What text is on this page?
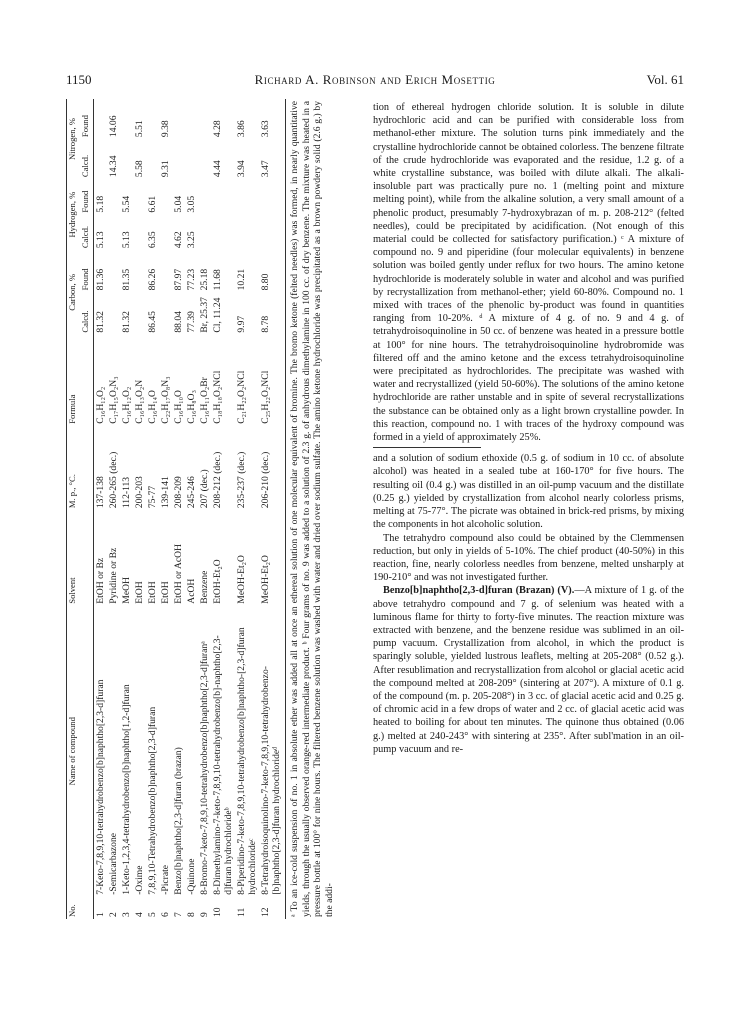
1150	Richard A. Robinson and Erich Mosettig	Vol. 61
No.	Name of compound	Solvent	M. p., °C.	Formula	Carbon, %		Hydrogen, %		Nitrogen, %	
					Calcd.	Found	Calcd.	Found	Calcd.	Found
1	7-Keto-7,8,9,10-tetrahydrobenzo[b]naphtho[2,3-d]furan	EtOH or Bz	137-138	C₁₆H₁₂O₂	81.32	81.36	5.13	5.18		
2	-Semicarbazone	Pyridine or Bz	260-265 (dec.)	C₁₇H₁₅O₂N₃					14.34	14.06
3	1-Keto-1,2,3,4-tetrahydrobenzo[b]naphtho[1,2-d]furan	MeOH	112-113	C₁₆H₁₂O₂	81.32	81.35	5.13	5.54		
4	-Oxime	EtOH	200-203	C₁₆H₁₃O₂N					5.58	5.51
5	7,8,9,10-Tetrahydrobenzo[b]naphtho[2,3-d]furan	EtOH	75-77	C₁₆H₁₄O	86.45	86.26	6.35	6.61		
6	-Picrate	EtOH	139-141	C₂₂H₁₇O₈N₃					9.31	9.38
7	Benzo[b]naphtho[2,3-d]furan (brazan)	EtOH or AcOH	208-209	C₁₆H₁₀O	88.04	87.97	4.62	5.04		
8	-Quinone	AcOH	245-246	C₁₆H₈O₃	77.39	77.23	3.25	3.05		
9	8-Bromo-7-keto-7,8,9,10-tetrahydrobenzo[b]naphtho[2,3-d]furanᵃ	Benzene	207 (dec.)	C₁₆H₁₁O₂Br	Br, 25.37	25.18				
10	8-Dimethylamino-7-keto-7,8,9,10-tetrahydrobenzo[b]-naphtho[2,3-d]furan hydrochlorideᵇ	EtOH-Et₂O	208-212 (dec.)	C₁₈H₁₈O₂NCl	Cl, 11.24	11.68			4.44	4.28
11	8-Piperidino-7-keto-7,8,9,10-tetrahydrobenzo[b]naphtho-[2,3-d]furan hydrochlorideᶜ	MeOH-Et₂O	235-237 (dec.)	C₂₁H₂₂O₂NCl	9.97	10.21			3.94	3.86
12	8-Tetrahydroisoquinolino-7-keto-7,8,9,10-tetrahydrobenzo-[b]naphtho[2,3-d]furan hydrochlorideᵈ	MeOH-Et₂O	206-210 (dec.)	C₂₅H₂₂O₂NCl	8.78	8.80			3.47	3.63	ᵃ To an ice-cold suspension of no. 1 in absolute ether was added all at once an ethereal solution of one molecular equivalent of bromine. The bromo ketone (felted needles) was formed, in nearly quantitative yields, through the usually observed orange-red intermediate product. ᵇ Four grams of no. 9 was added to a solution of 2.3 g. of anhydrous dimethylamine in 100 cc. of dry benzene. The mixture was heated in a pressure bottle at 100° for nine hours. The filtered benzene solution was washed with water and dried over sodium sulfate. The amino ketone hydrochloride was precipitated as a brown powdery solid (2.6 g.) by the addi-

tion of ethereal hydrogen chloride solution. It is soluble in dilute hydrochloric acid and can be purified with considerable loss from methanol-ether mixture. The solution turns pink immediately and the crystalline hydrochloride cannot be obtained colorless. The benzene filtrate of the crude hydrochloride was evaporated and the residue, 1.2 g. of a white crystalline substance, was boiled with dilute alkali. The alkali-insoluble part was practically pure no. 1 (melting point and mixture melting point), while from the alkaline solution, a very small amount of a phenolic product, presumably 7-hydroxybrazan of m. p. 208-212° (felted needles), could be precipitated by acidification. (Not enough of this material could be collected for satisfactory purification.) ᶜ A mixture of compound no. 9 and piperidine (four molecular equivalents) in benzene solution was boiled gently under reflux for two hours. The amino ketone hydrochloride is moderately soluble in water and alcohol and was purified by recrystallization from methanol-ether; yield 60-80%. Compound no. 1 mixed with traces of the phenolic by-product was found in quantities ranging from 10-20%. ᵈ A mixture of 4 g. of no. 9 and 4 g. of tetrahydroisoquinoline in 50 cc. of benzene was heated in a pressure bottle at 100° for nine hours. The tetrahydroisoquinoline hydrobromide was filtered off and the amino ketone and the excess tetrahydroisoquinoline were precipitated as hydrochlorides. The precipitate was washed with water and recrystallized (yield 50-60%). The solutions of the amino ketone hydrochloride are rather unstable and in spite of several recrystallizations the substance can be obtained only as a light brown crystalline powder. In this reaction, compound no. 1 with traces of the hydroxy compound was formed in a yield of approximately 25%.

and a solution of sodium ethoxide (0.5 g. of sodium in 10 cc. of absolute alcohol) was heated in a sealed tube at 160-170° for five hours. The resulting oil (0.4 g.) was distilled in an oil-pump vacuum and the distillate (0.25 g.) yielded by crystallization from alcohol nearly colorless prisms, melting at 75-77°. The picrate was obtained in brick-red prisms, by mixing the components in hot alcoholic solution.

The tetrahydro compound also could be obtained by the Clemmensen reduction, but only in yields of 5-10%. The chief product (40-50%) in this reaction, fine, nearly colorless needles from benzene, melted unsharply at 190-210° and was not investigated further.

Benzo[b]naphtho[2,3-d]furan (Brazan) (V).—A mixture of 1 g. of the above tetrahydro compound and 7 g. of selenium was heated with a luminous flame for thirty to forty-five minutes. The reaction mixture was extracted with benzene, and the benzene residue was sublimed in an oil-pump vacuum. Crystallization from alcohol, in which the product is sparingly soluble, yielded lustrous leaflets, melting at 205-208° (0.52 g.). After resublimation and recrystallization from alcohol or glacial acetic acid the compound melted at 208-209° (sintering at 207°). A mixture of 0.1 g. of the compound (m. p. 205-208°) in 3 cc. of glacial acetic acid and 0.25 g. of chromic acid in a few drops of water and 2 cc. of glacial acetic acid was heated to boiling for about ten minutes. The quinone thus obtained (0.06 g.) melted at 240-243° with sintering at 235°. After subl'mation in an oil-pump vacuum and re-
